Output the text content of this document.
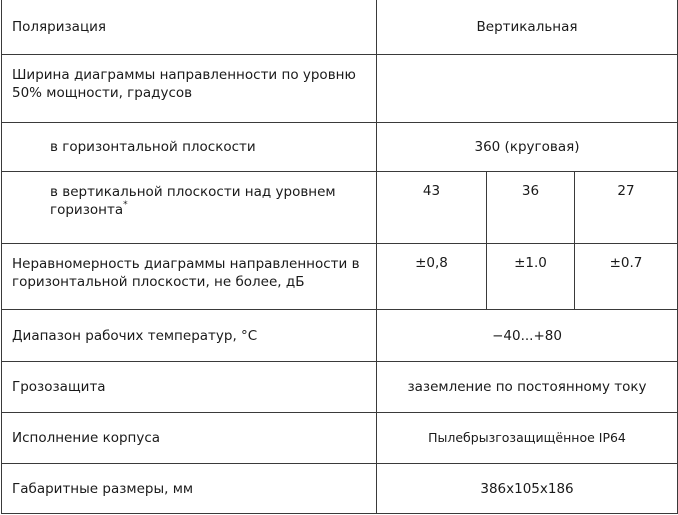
Поляризация	Вертикальная		
Ширина диаграммы направленности по уровню 50% мощности, градусов			
в горизонтальной плоскости	360 (круговая)		
в вертикальной плоскости над уровнем горизонта*	43	36	27
Неравномерность диаграммы направленности в горизонтальной плоскости, не более, дБ	±0,8	±1.0	±0.7
Диапазон рабочих температур, °С	−40...+80		
Грозозащита	заземление по постоянному току		
Исполнение корпуса	Пылебрызгозащищённое IP64		
Габаритные размеры, мм	386х105х186		
